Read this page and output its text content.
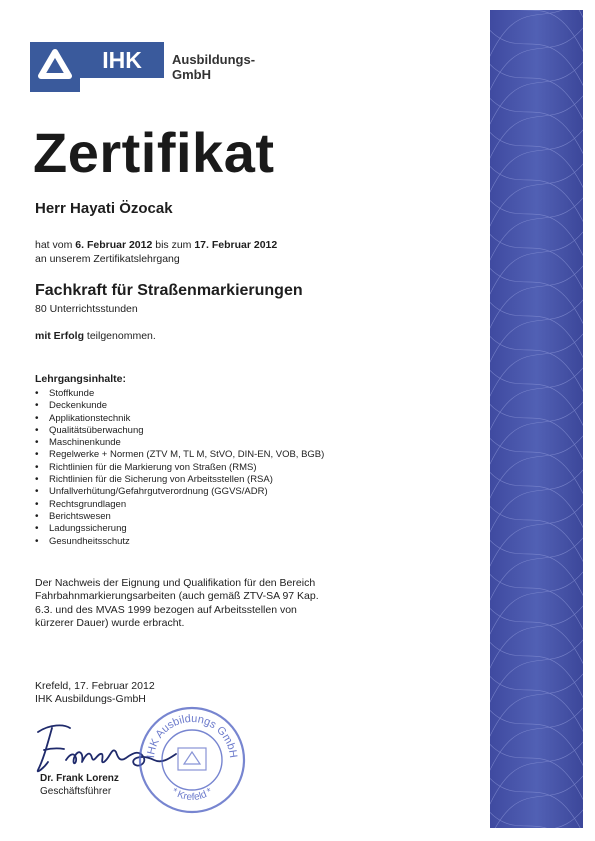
IHK	Ausbildungs-GmbH
Zertifikat
Herr Hayati Özocak
hat vom 6. Februar 2012 bis zum 17. Februar 2012
an unserem Zertifikatslehrgang
Fachkraft für Straßenmarkierungen
80 Unterrichtsstunden
mit Erfolg teilgenommen.
Lehrgangsinhalte:
• Stoffkunde
• Deckenkunde
• Applikationstechnik
• Qualitätsüberwachung
• Maschinenkunde
• Regelwerke + Normen (ZTV M, TL M, StVO, DIN-EN, VOB, BGB)
• Richtlinien für die Markierung von Straßen (RMS)
• Richtlinien für die Sicherung von Arbeitsstellen (RSA)
• Unfallverhütung/Gefahrgutverordnung (GGVS/ADR)
• Rechtsgrundlagen
• Berichtswesen
• Ladungssicherung
• Gesundheitsschutz
Der Nachweis der Eignung und Qualifikation für den Bereich
Fahrbahnmarkierungsarbeiten (auch gemäß ZTV-SA 97 Kap.
6.3. und des MVAS 1999 bezogen auf Arbeitsstellen von
kürzerer Dauer) wurde erbracht.
Krefeld, 17. Februar 2012
IHK Ausbildungs-GmbH
IHK Ausbildungs GmbH
* Krefeld *
Dr. Frank Lorenz
Geschäftsführer
